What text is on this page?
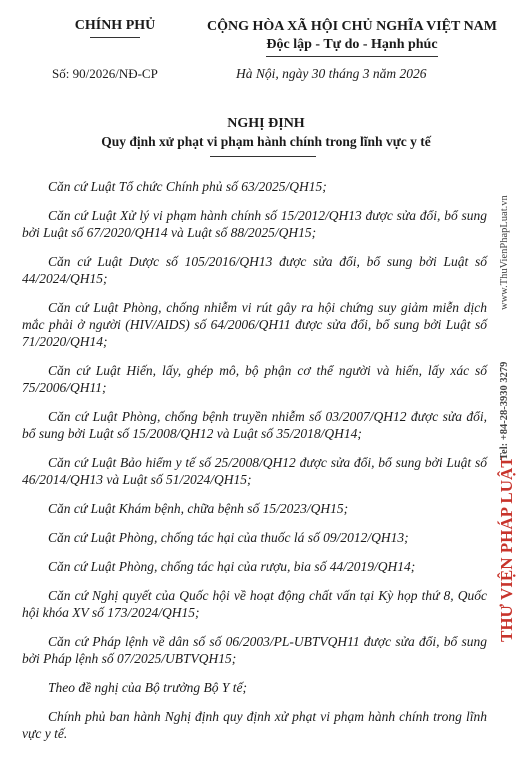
CHÍNH PHỦ	CỘNG HÒA XÃ HỘI CHỦ NGHĨA VIỆT NAM
Độc lập - Tự do - Hạnh phúc
Số: 90/2026/NĐ-CP	Hà Nội, ngày 30 tháng 3 năm 2026
NGHỊ ĐỊNH
Quy định xử phạt vi phạm hành chính trong lĩnh vực y tế

Căn cứ Luật Tổ chức Chính phủ số 63/2025/QH15;

Căn cứ Luật Xử lý vi phạm hành chính số 15/2012/QH13 được sửa đổi, bổ sung bởi Luật số 67/2020/QH14 và Luật số 88/2025/QH15;

Căn cứ Luật Dược số 105/2016/QH13 được sửa đổi, bổ sung bởi Luật số 44/2024/QH15;

Căn cứ Luật Phòng, chống nhiễm vi rút gây ra hội chứng suy giảm miễn dịch mắc phải ở người (HIV/AIDS) số 64/2006/QH11 được sửa đổi, bổ sung bởi Luật số 71/2020/QH14;

Căn cứ Luật Hiến, lấy, ghép mô, bộ phận cơ thể người và hiến, lấy xác số 75/2006/QH11;

Căn cứ Luật Phòng, chống bệnh truyền nhiễm số 03/2007/QH12 được sửa đổi, bổ sung bởi Luật số 15/2008/QH12 và Luật số 35/2018/QH14;

Căn cứ Luật Bảo hiểm y tế số 25/2008/QH12 được sửa đổi, bổ sung bởi Luật số 46/2014/QH13 và Luật số 51/2024/QH15;

Căn cứ Luật Khám bệnh, chữa bệnh số 15/2023/QH15;

Căn cứ Luật Phòng, chống tác hại của thuốc lá số 09/2012/QH13;

Căn cứ Luật Phòng, chống tác hại của rượu, bia số 44/2019/QH14;

Căn cứ Nghị quyết của Quốc hội về hoạt động chất vấn tại Kỳ họp thứ 8, Quốc hội khóa XV số 173/2024/QH15;

Căn cứ Pháp lệnh về dân số số 06/2003/PL-UBTVQH11 được sửa đổi, bổ sung bởi Pháp lệnh số 07/2025/UBTVQH15;

Theo đề nghị của Bộ trưởng Bộ Y tế;

Chính phủ ban hành Nghị định quy định xử phạt vi phạm hành chính trong lĩnh vực y tế.

THƯ VIỆN PHÁP LUẬT
Tel: +84-28-3930 3279
www.ThuVienPhapLuat.vn
